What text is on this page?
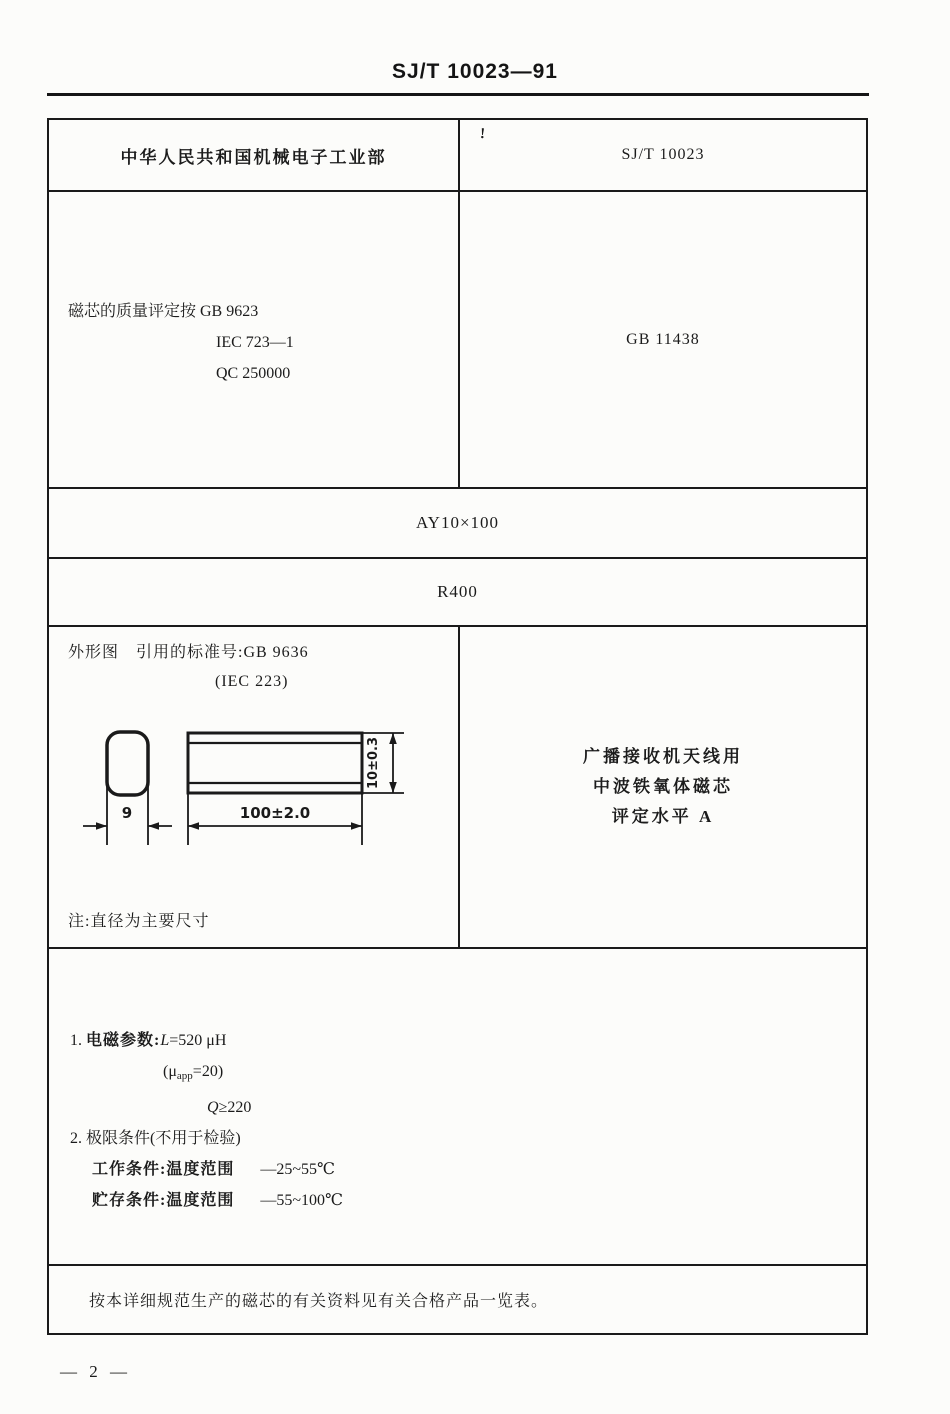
SJ/T 10023—91
中华人民共和国机械电子工业部
!
SJ/T 10023
磁芯的质量评定按 GB 9623
IEC 723—1
QC 250000
GB 11438
AY10×100
R400
外形图　引用的标准号:GB 9636
(IEC 223)
9
10±0.3
100±2.0
注:直径为主要尺寸
广播接收机天线用
中波铁氧体磁芯
评定水平 A
1. 电磁参数:L=520 μH
$(\mu_{app}=20)$
Q≥220
2. 极限条件(不用于检验)
工作条件:温度范围 —25~55℃
贮存条件:温度范围 —55~100℃
按本详细规范生产的磁芯的有关资料见有关合格产品一览表。
— 2 —
